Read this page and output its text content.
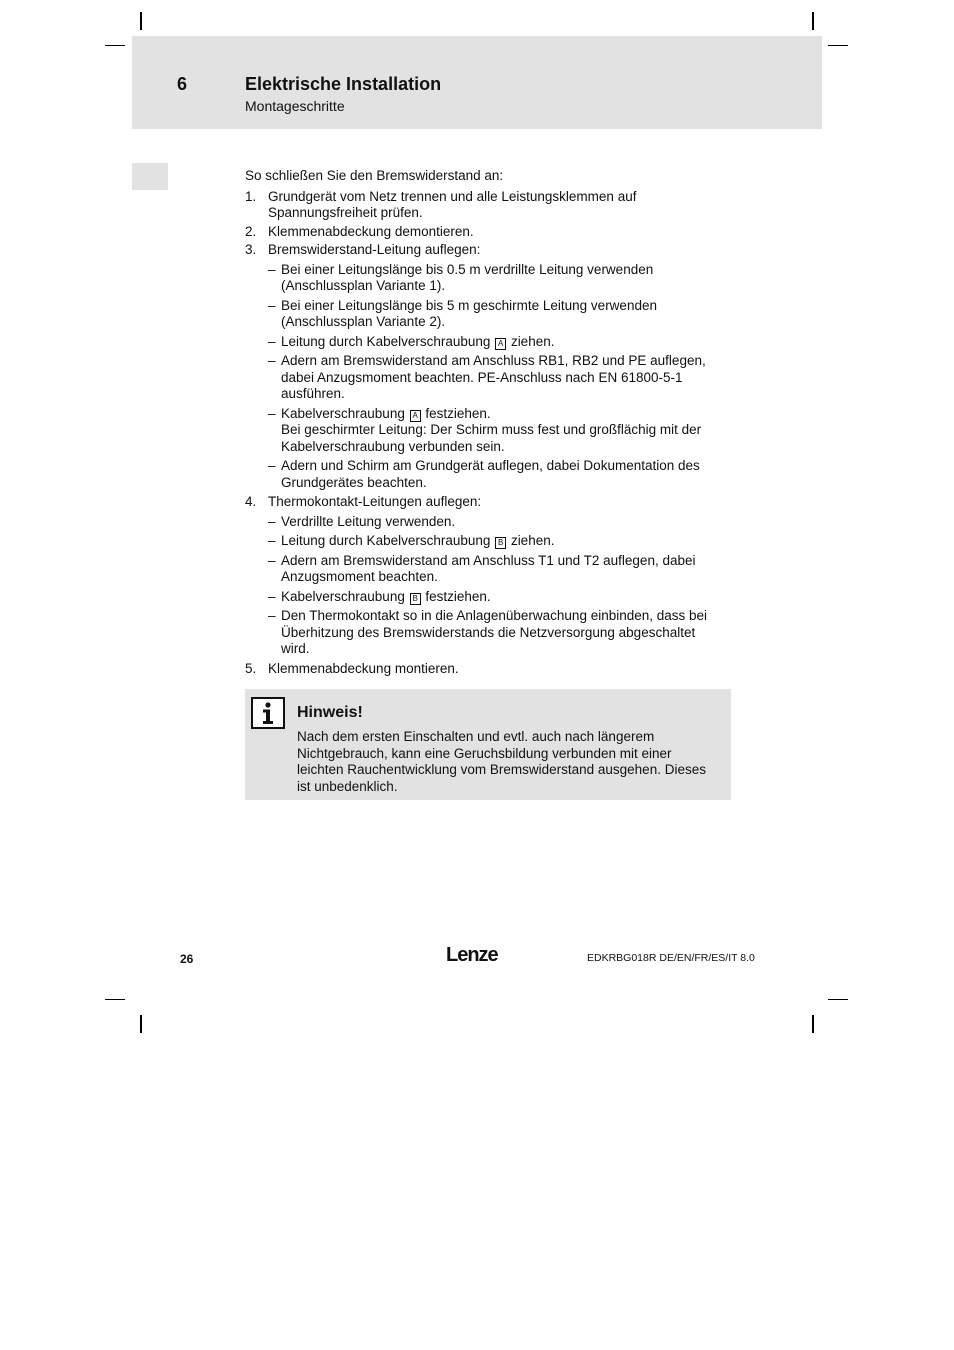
6	Elektrische Installation
Montageschritte

So schließen Sie den Bremswiderstand an:

1. Grundgerät vom Netz trennen und alle Leistungsklemmen auf
Spannungsfreiheit prüfen.
2. Klemmenabdeckung demontieren.
3. Bremswiderstand-Leitung auflegen:
– Bei einer Leitungslänge bis 0.5 m verdrillte Leitung verwenden
(Anschlussplan Variante 1).
– Bei einer Leitungslänge bis 5 m geschirmte Leitung verwenden
(Anschlussplan Variante 2).
– Leitung durch Kabelverschraubung A ziehen.
– Adern am Bremswiderstand am Anschluss RB1, RB2 und PE auflegen,
dabei Anzugsmoment beachten. PE-Anschluss nach EN 61800-5-1
ausführen.
– Kabelverschraubung A festziehen.
Bei geschirmter Leitung: Der Schirm muss fest und großflächig mit der
Kabelverschraubung verbunden sein.
– Adern und Schirm am Grundgerät auflegen, dabei Dokumentation des
Grundgerätes beachten.
4. Thermokontakt-Leitungen auflegen:
– Verdrillte Leitung verwenden.
– Leitung durch Kabelverschraubung B ziehen.
– Adern am Bremswiderstand am Anschluss T1 und T2 auflegen, dabei
Anzugsmoment beachten.
– Kabelverschraubung B festziehen.
– Den Thermokontakt so in die Anlagenüberwachung einbinden, dass bei
Überhitzung des Bremswiderstands die Netzversorgung abgeschaltet
wird.
5. Klemmenabdeckung montieren.
Hinweis!
Nach dem ersten Einschalten und evtl. auch nach längerem
Nichtgebrauch, kann eine Geruchsbildung verbunden mit einer
leichten Rauchentwicklung vom Bremswiderstand ausgehen. Dieses
ist unbedenklich.
26	Lenze	EDKRBG018R DE/EN/FR/ES/IT 8.0
